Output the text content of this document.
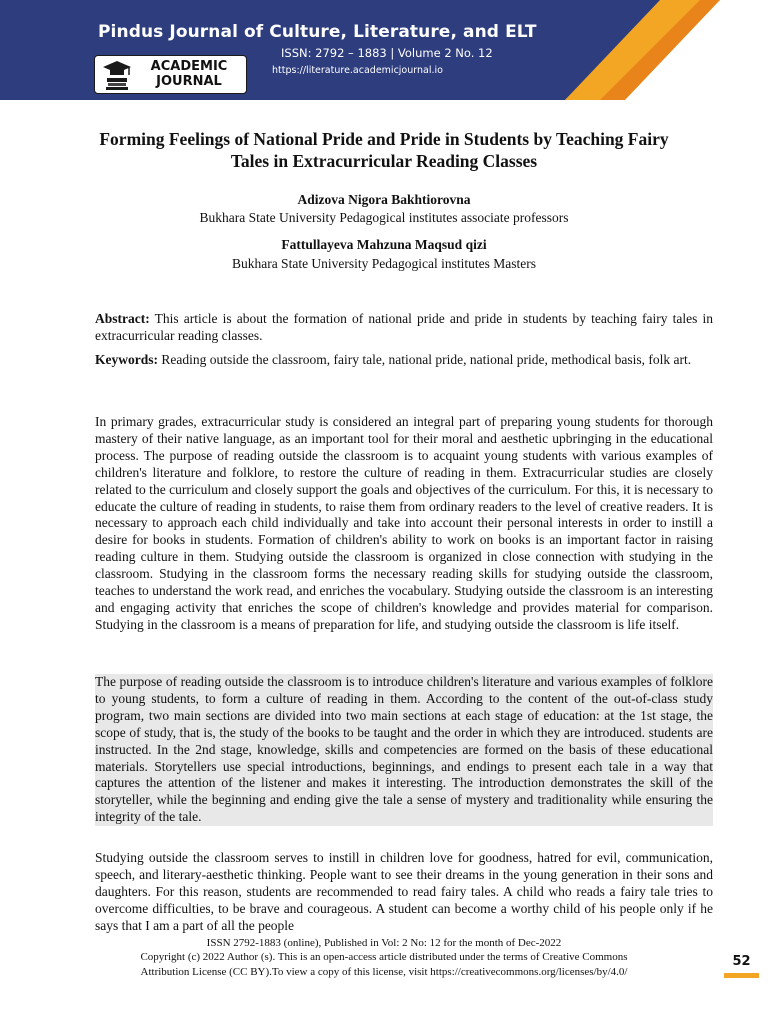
Pindus Journal of Culture, Literature, and ELT
ISSN: 2792 – 1883 | Volume 2 No. 12
https://literature.academicjournal.io
ACADEMIC
JOURNAL
Forming Feelings of National Pride and Pride in Students by Teaching Fairy Tales in Extracurricular Reading Classes
Adizova Nigora Bakhtiorovna
Bukhara State University Pedagogical institutes associate professors
Fattullayeva Mahzuna Maqsud qizi
Bukhara State University Pedagogical institutes Masters

Abstract: This article is about the formation of national pride and pride in students by teaching fairy tales in extracurricular reading classes.

Keywords: Reading outside the classroom, fairy tale, national pride, national pride, methodical basis, folk art.

In primary grades, extracurricular study is considered an integral part of preparing young students for thorough mastery of their native language, as an important tool for their moral and aesthetic upbringing in the educational process. The purpose of reading outside the classroom is to acquaint young students with various examples of children's literature and folklore, to restore the culture of reading in them. Extracurricular studies are closely related to the curriculum and closely support the goals and objectives of the curriculum. For this, it is necessary to educate the culture of reading in students, to raise them from ordinary readers to the level of creative readers. It is necessary to approach each child individually and take into account their personal interests in order to instill a desire for books in students. Formation of children's ability to work on books is an important factor in raising reading culture in them. Studying outside the classroom is organized in close connection with studying in the classroom. Studying in the classroom forms the necessary reading skills for studying outside the classroom, teaches to understand the work read, and enriches the vocabulary. Studying outside the classroom is an interesting and engaging activity that enriches the scope of children's knowledge and provides material for comparison. Studying in the classroom is a means of preparation for life, and studying outside the classroom is life itself.

The purpose of reading outside the classroom is to introduce children's literature and various examples of folklore to young students, to form a culture of reading in them. According to the content of the out-of-class study program, two main sections are divided into two main sections at each stage of education: at the 1st stage, the scope of study, that is, the study of the books to be taught and the order in which they are introduced. students are instructed. In the 2nd stage, knowledge, skills and competencies are formed on the basis of these educational materials. Storytellers use special introductions, beginnings, and endings to present each tale in a way that captures the attention of the listener and makes it interesting. The introduction demonstrates the skill of the storyteller, while the beginning and ending give the tale a sense of mystery and traditionality while ensuring the integrity of the tale.

Studying outside the classroom serves to instill in children love for goodness, hatred for evil, communication, speech, and literary-aesthetic thinking. People want to see their dreams in the young generation in their sons and daughters. For this reason, students are recommended to read fairy tales. A child who reads a fairy tale tries to overcome difficulties, to be brave and courageous. A student can become a worthy child of his people only if he says that I am a part of all the people

ISSN 2792-1883 (online), Published in Vol: 2 No: 12 for the month of Dec-2022
Copyright (c) 2022 Author (s). This is an open-access article distributed under the terms of Creative Commons
Attribution License (CC BY).To view a copy of this license, visit https://creativecommons.org/licenses/by/4.0/
52
